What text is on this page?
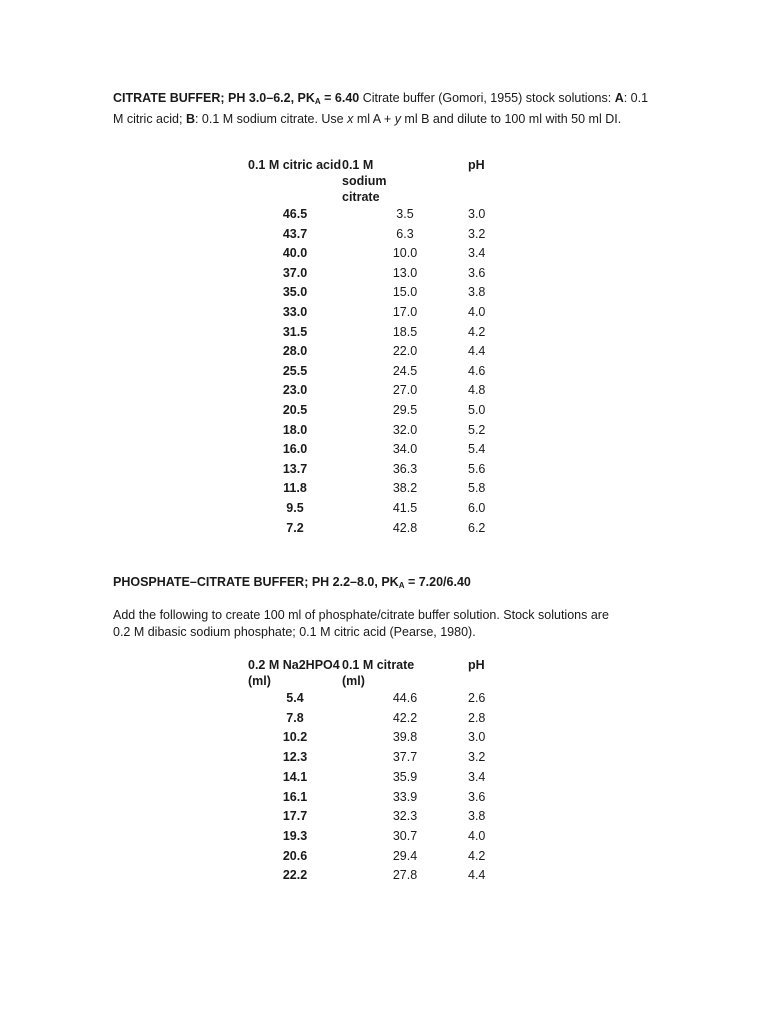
CITRATE BUFFER; PH 3.0–6.2, $PK_A = 6.40$ Citrate buffer (Gomori, 1955) stock solutions: A: 0.1 M citric acid; B: 0.1 M sodium citrate. Use x ml A + y ml B and dilute to 100 ml with 50 ml DI.
0.1 M citric acid	0.1 M sodium citrate	pH
46.5	3.5	3.0
43.7	6.3	3.2
40.0	10.0	3.4
37.0	13.0	3.6
35.0	15.0	3.8
33.0	17.0	4.0
31.5	18.5	4.2
28.0	22.0	4.4
25.5	24.5	4.6
23.0	27.0	4.8
20.5	29.5	5.0
18.0	32.0	5.2
16.0	34.0	5.4
13.7	36.3	5.6
11.8	38.2	5.8
9.5	41.5	6.0
7.2	42.8	6.2
PHOSPHATE–CITRATE BUFFER; PH 2.2–8.0, $PK_A = 7.20/6.40$
Add the following to create 100 ml of phosphate/citrate buffer solution. Stock solutions are
0.2 M dibasic sodium phosphate; 0.1 M citric acid (Pearse, 1980).
0.2 M Na2HPO4 (ml)	0.1 M citrate (ml)	pH
5.4	44.6	2.6
7.8	42.2	2.8
10.2	39.8	3.0
12.3	37.7	3.2
14.1	35.9	3.4
16.1	33.9	3.6
17.7	32.3	3.8
19.3	30.7	4.0
20.6	29.4	4.2
22.2	27.8	4.4
